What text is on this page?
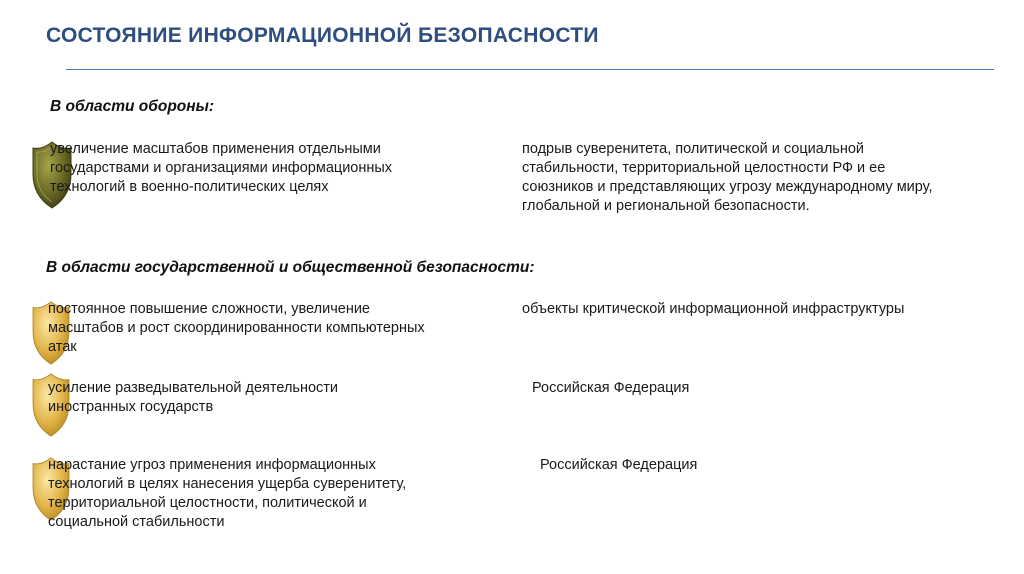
СОСТОЯНИЕ ИНФОРМАЦИОННОЙ БЕЗОПАСНОСТИ
В области обороны:
увеличение масштабов применения отдельными государствами и организациями информационных технологий в военно-политических целях
подрыв суверенитета, политической и социальной стабильности, территориальной целостности РФ и ее союзников и представляющих угрозу международному миру, глобальной и региональной безопасности.
В области государственной и общественной безопасности:
постоянное повышение сложности, увеличение масштабов и рост скоординированности компьютерных атак
объекты критической информационной инфраструктуры
усиление разведывательной деятельности иностранных государств
Российская Федерация
нарастание угроз применения информационных технологий в целях нанесения ущерба суверенитету, территориальной целостности, политической и социальной стабильности
Российская Федерация
